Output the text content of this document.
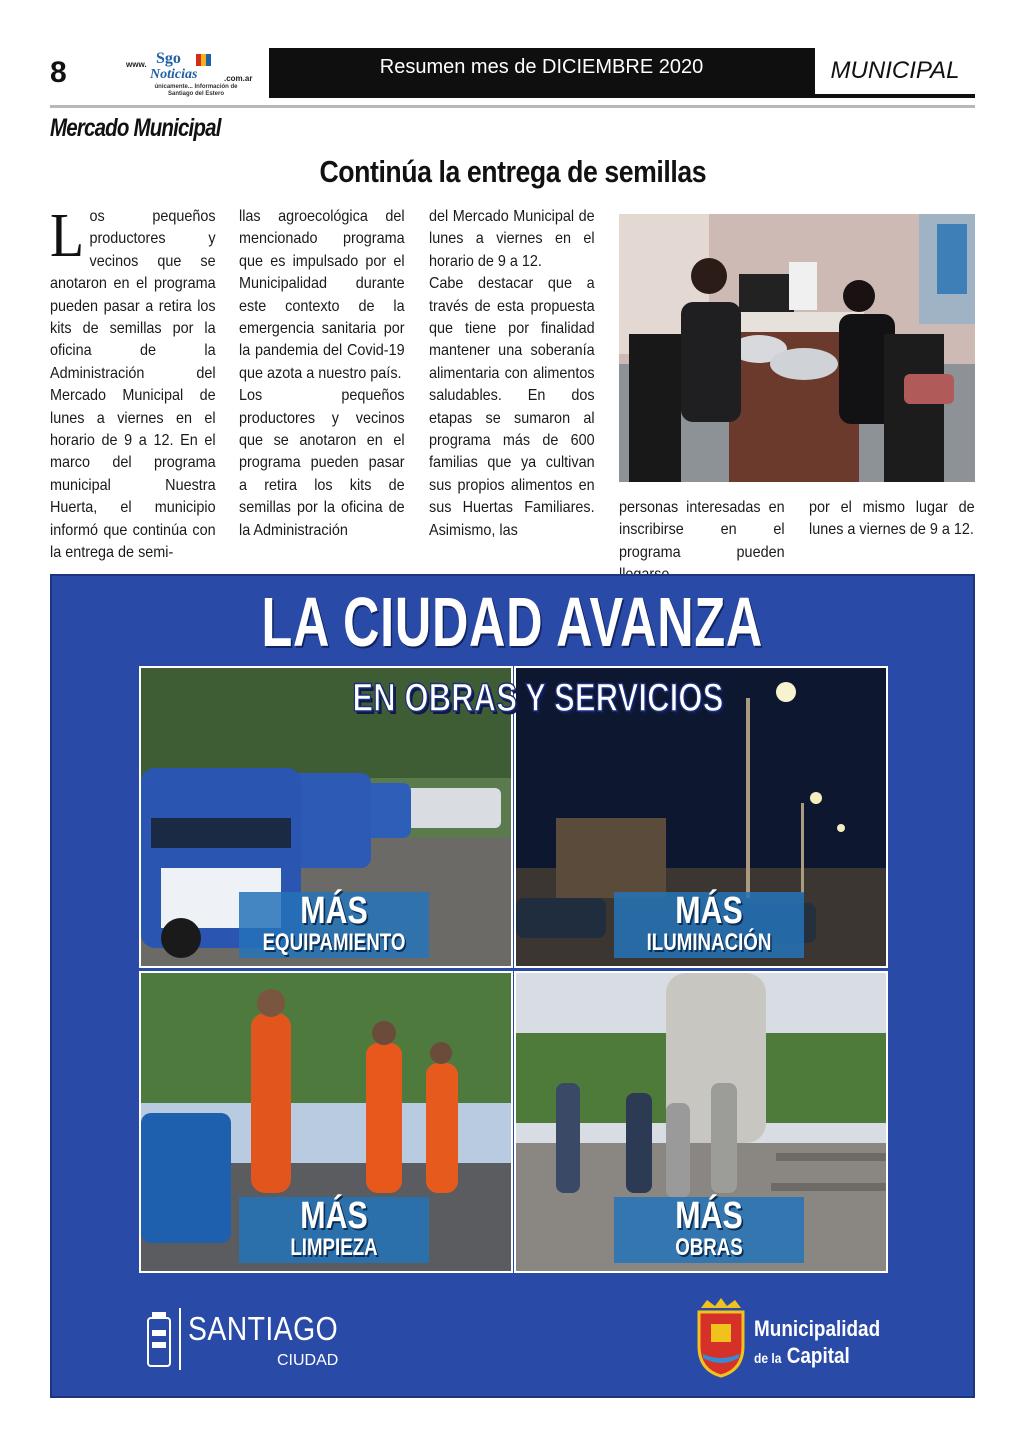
8	www. Sgo
Noticias	.com.ar
únicamente... Información de
Santiago del Estero
Resumen mes de DICIEMBRE 2020	MUNICIPAL
Mercado Municipal
Continúa la entrega de semillas
L os pequeños productores y vecinos que se anotaron en el programa pueden pasar a retira los kits de semillas por la oficina de la Administración del Mercado Municipal de lunes a viernes en el horario de 9 a 12. En el marco del programa municipal Nuestra Huerta, el municipio informó que continúa con la entrega de semi-

llas agroecológica del mencionado programa que es impulsado por el Municipalidad durante este contexto de la emergencia sanitaria por la pandemia del Covid-19 que azota a nuestro país.

Los pequeños productores y vecinos que se anotaron en el programa pueden pasar a retira los kits de semillas por la oficina de la Administración

del Mercado Municipal de lunes a viernes en el horario de 9 a 12.

Cabe destacar que a través de esta propuesta que tiene por finalidad mantener una soberanía alimentaria con alimentos saludables. En dos etapas se sumaron al programa más de 600 familias que ya cultivan sus propios alimentos en sus Huertas Familiares. Asimismo, las

personas interesadas en inscribirse en el programa pueden

por el mismo lugar de lunes a viernes de 9 a 12.

LA CIUDAD AVANZA
EN OBRAS Y SERVICIOS
MÁS
EQUIPAMIENTO
MÁS
ILUMINACIÓN
MÁS
LIMPIEZA
MÁS
OBRAS
SANTIAGO
CIUDAD
Municipalidad
de la Capital
